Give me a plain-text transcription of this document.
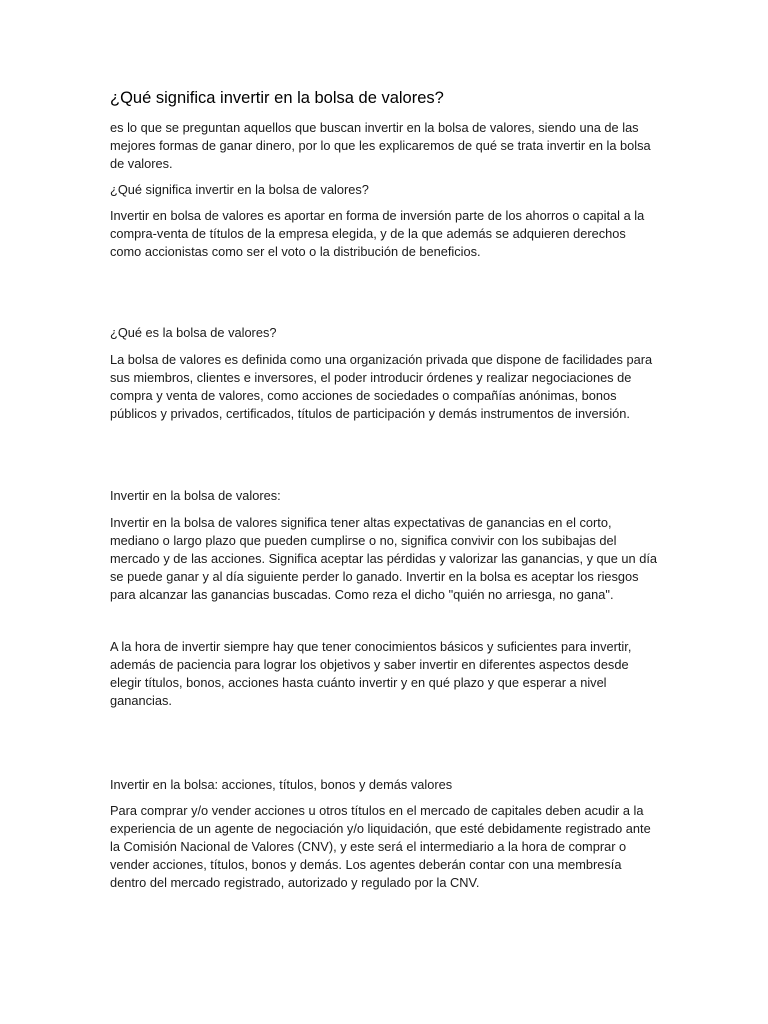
¿Qué significa invertir en la bolsa de valores?

es lo que se preguntan aquellos que buscan invertir en la bolsa de valores, siendo una de las mejores formas de ganar dinero, por lo que les explicaremos de qué se trata invertir en la bolsa de valores.

¿Qué significa invertir en la bolsa de valores?

Invertir en bolsa de valores es aportar en forma de inversión parte de los ahorros o capital a la compra-venta de títulos de la empresa elegida, y de la que además se adquieren derechos como accionistas como ser el voto o la distribución de beneficios.

¿Qué es la bolsa de valores?

La bolsa de valores es definida como una organización privada que dispone de facilidades para sus miembros, clientes e inversores, el poder introducir órdenes y realizar negociaciones de compra y venta de valores, como acciones de sociedades o compañías anónimas, bonos públicos y privados, certificados, títulos de participación y demás instrumentos de inversión.

Invertir en la bolsa de valores:

Invertir en la bolsa de valores significa tener altas expectativas de ganancias en el corto, mediano o largo plazo que pueden cumplirse o no, significa convivir con los subibajas del mercado y de las acciones. Significa aceptar las pérdidas y valorizar las ganancias, y que un día se puede ganar y al día siguiente perder lo ganado. Invertir en la bolsa es aceptar los riesgos para alcanzar las ganancias buscadas. Como reza el dicho "quién no arriesga, no gana".

A la hora de invertir siempre hay que tener conocimientos básicos y suficientes para invertir, además de paciencia para lograr los objetivos y saber invertir en diferentes aspectos desde elegir títulos, bonos, acciones hasta cuánto invertir y en qué plazo y que esperar a nivel ganancias.

Invertir en la bolsa: acciones, títulos, bonos y demás valores

Para comprar y/o vender acciones u otros títulos en el mercado de capitales deben acudir a la experiencia de un agente de negociación y/o liquidación, que esté debidamente registrado ante la Comisión Nacional de Valores (CNV), y este será el intermediario a la hora de comprar o vender acciones, títulos, bonos y demás. Los agentes deberán contar con una membresía dentro del mercado registrado, autorizado y regulado por la CNV.
